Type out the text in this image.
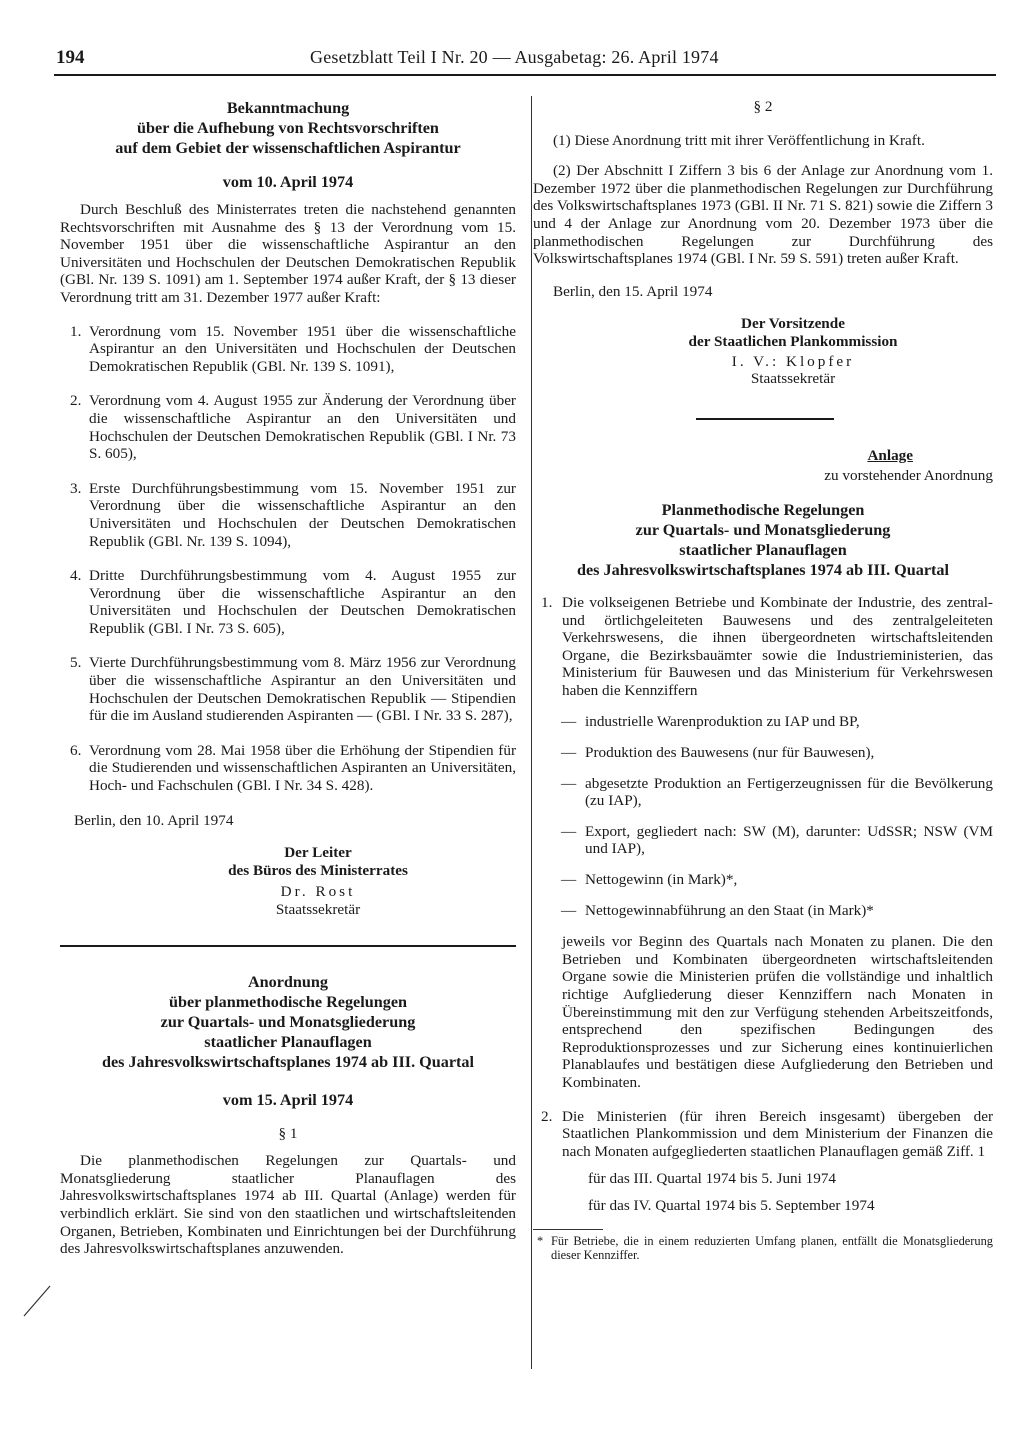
194	Gesetzblatt Teil I Nr. 20 — Ausgabetag: 26. April 1974
Bekanntmachung
über die Aufhebung von Rechtsvorschriften
auf dem Gebiet der wissenschaftlichen Aspirantur
vom 10. April 1974

Durch Beschluß des Ministerrates treten die nachstehend genannten Rechtsvorschriften mit Ausnahme des § 13 der Verordnung vom 15. November 1951 über die wissenschaftliche Aspirantur an den Universitäten und Hochschulen der Deutschen Demokratischen Republik (GBl. Nr. 139 S. 1091) am 1. September 1974 außer Kraft, der § 13 dieser Verordnung tritt am 31. Dezember 1977 außer Kraft:

1. Verordnung vom 15. November 1951 über die wissenschaftliche Aspirantur an den Universitäten und Hochschulen der Deutschen Demokratischen Republik (GBl. Nr. 139 S. 1091),
2. Verordnung vom 4. August 1955 zur Änderung der Verordnung über die wissenschaftliche Aspirantur an den Universitäten und Hochschulen der Deutschen Demokratischen Republik (GBl. I Nr. 73 S. 605),
3. Erste Durchführungsbestimmung vom 15. November 1951 zur Verordnung über die wissenschaftliche Aspirantur an den Universitäten und Hochschulen der Deutschen Demokratischen Republik (GBl. Nr. 139 S. 1094),
4. Dritte Durchführungsbestimmung vom 4. August 1955 zur Verordnung über die wissenschaftliche Aspirantur an den Universitäten und Hochschulen der Deutschen Demokratischen Republik (GBl. I Nr. 73 S. 605),
5. Vierte Durchführungsbestimmung vom 8. März 1956 zur Verordnung über die wissenschaftliche Aspirantur an den Universitäten und Hochschulen der Deutschen Demokratischen Republik — Stipendien für die im Ausland studierenden Aspiranten — (GBl. I Nr. 33 S. 287),
6. Verordnung vom 28. Mai 1958 über die Erhöhung der Stipendien für die Studierenden und wissenschaftlichen Aspiranten an Universitäten, Hoch- und Fachschulen (GBl. I Nr. 34 S. 428).

Berlin, den 10. April 1974

Der Leiter
des Büros des Ministerrates
Dr. Rost
Staatssekretär
Anordnung
über planmethodische Regelungen
zur Quartals- und Monatsgliederung
staatlicher Planauflagen
des Jahresvolkswirtschaftsplanes 1974 ab III. Quartal
vom 15. April 1974

§ 1

Die planmethodischen Regelungen zur Quartals- und Monatsgliederung staatlicher Planauflagen des Jahresvolkswirtschaftsplanes 1974 ab III. Quartal (Anlage) werden für verbindlich erklärt. Sie sind von den staatlichen und wirtschaftsleitenden Organen, Betrieben, Kombinaten und Einrichtungen bei der Durchführung des Jahresvolkswirtschaftsplanes anzuwenden.

§ 2

(1) Diese Anordnung tritt mit ihrer Veröffentlichung in Kraft.

(2) Der Abschnitt I Ziffern 3 bis 6 der Anlage zur Anordnung vom 1. Dezember 1972 über die planmethodischen Regelungen zur Durchführung des Volkswirtschaftsplanes 1973 (GBl. II Nr. 71 S. 821) sowie die Ziffern 3 und 4 der Anlage zur Anordnung vom 20. Dezember 1973 über die planmethodischen Regelungen zur Durchführung des Volkswirtschaftsplanes 1974 (GBl. I Nr. 59 S. 591) treten außer Kraft.

Berlin, den 15. April 1974

Der Vorsitzende
der Staatlichen Plankommission
I. V.: Klopfer
Staatssekretär

Anlage

zu vorstehender Anordnung

Planmethodische Regelungen
zur Quartals- und Monatsgliederung
staatlicher Planauflagen
des Jahresvolkswirtschaftsplanes 1974 ab III. Quartal
1. Die volkseigenen Betriebe und Kombinate der Industrie, des zentral- und örtlichgeleiteten Bauwesens und des zentralgeleiteten Verkehrswesens, die ihnen übergeordneten wirtschaftsleitenden Organe, die Bezirksbauämter sowie die Industrieministerien, das Ministerium für Bauwesen und das Ministerium für Verkehrswesen haben die Kennziffern
— industrielle Warenproduktion zu IAP und BP,
— Produktion des Bauwesens (nur für Bauwesen),
— abgesetzte Produktion an Fertigerzeugnissen für die Bevölkerung (zu IAP),
— Export, gegliedert nach: SW (M), darunter: UdSSR; NSW (VM und IAP),
— Nettogewinn (in Mark)*,
— Nettogewinnabführung an den Staat (in Mark)*

jeweils vor Beginn des Quartals nach Monaten zu planen. Die den Betrieben und Kombinaten übergeordneten wirtschaftsleitenden Organe sowie die Ministerien prüfen die vollständige und inhaltlich richtige Aufgliederung dieser Kennziffern nach Monaten in Übereinstimmung mit den zur Verfügung stehenden Arbeitszeitfonds, entsprechend den spezifischen Bedingungen des Reproduktionsprozesses und zur Sicherung eines kontinuierlichen Planablaufes und bestätigen diese Aufgliederung den Betrieben und Kombinaten.

2. Die Ministerien (für ihren Bereich insgesamt) übergeben der Staatlichen Plankommission und dem Ministerium der Finanzen die nach Monaten aufgegliederten staatlichen Planauflagen gemäß Ziff. 1

für das III. Quartal 1974 bis 5. Juni 1974

für das IV. Quartal 1974 bis 5. September 1974

* Für Betriebe, die in einem reduzierten Umfang planen, entfällt die Monatsgliederung dieser Kennziffer.
